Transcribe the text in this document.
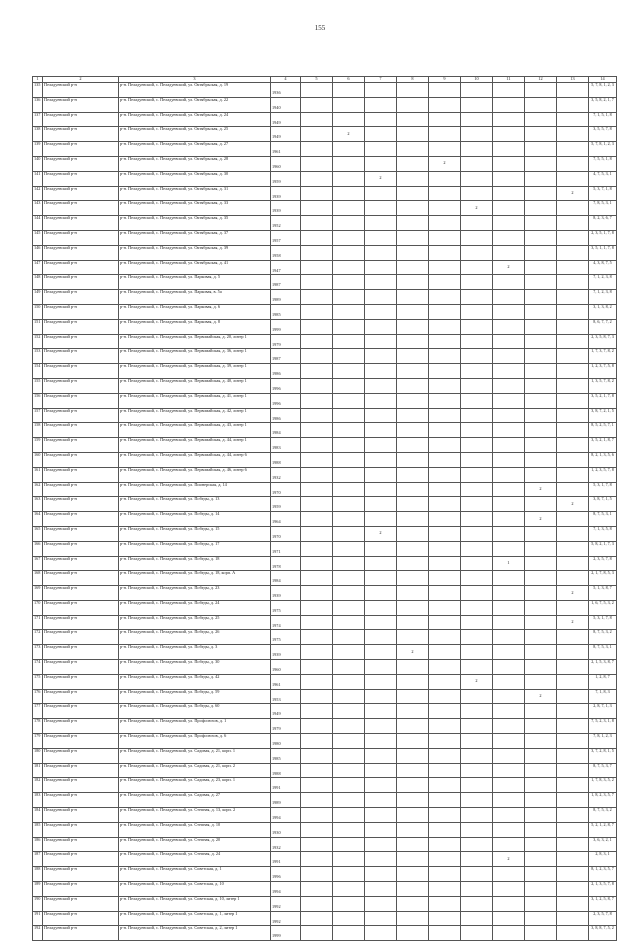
155
1	2	3	4	5	6	7	8	9	10	11	12	13	14
135	Пеладуевский р-н	р-н. Пеладуевский, с. Пеладуевский, ул. Октябрьская, д. 19	1936										5, 7, 8, 1, 2, 3
136	Пеладуевский р-н	р-н. Пеладуевский, с. Пеладуевский, ул. Октябрьская, д. 22	1940										3, 5, 8, 2, 1, 7
137	Пеладуевский р-н	р-н. Пеладуевский, с. Пеладуевский, ул. Октябрьская, д. 24	1949										7, 1, 5, 1, 8
138	Пеладуевский р-н	р-н. Пеладуевский, с. Пеладуевский, ул. Октябрьская, д. 25	1949		2								3, 5, 5, 7, 8
139	Пеладуевский р-н	р-н. Пеладуевский, с. Пеладуевский, ул. Октябрьская, д. 27	1961										5, 7, 8, 1, 2, 3
140	Пеладуевский р-н	р-н. Пеладуевский, с. Пеладуевский, ул. Октябрьская, д. 28	1960					2					7, 5, 5, 1, 8
141	Пеладуевский р-н	р-н. Пеладуевский, с. Пеладуевский, ул. Октябрьская, д. 30	1959			2							4, 7, 5, 3, 1
142	Пеладуевский р-н	р-н. Пеладуевский, с. Пеладуевский, ул. Октябрьская, д. 31	1939									2	5, 3, 7, 1, 8
143	Пеладуевский р-н	р-н. Пеладуевский, с. Пеладуевский, ул. Октябрьская, д. 33	1939						2				7, 8, 5, 3, 1
144	Пеладуевский р-н	р-н. Пеладуевский, с. Пеладуевский, ул. Октябрьская, д. 35	1952										8, 2, 3, 6, 7
145	Пеладуевский р-н	р-н. Пеладуевский, с. Пеладуевский, ул. Октябрьская, д. 37	1957										2, 3, 5, 1, 7, 8
146	Пеладуевский р-н	р-н. Пеладуевский, с. Пеладуевский, ул. Октябрьская, д. 39	1958										3, 5, 1, 1, 7, 8
147	Пеладуевский р-н	р-н. Пеладуевский, с. Пеладуевский, ул. Октябрьская, д. 41	1947							2			4, 3, 8, 7, 5
148	Пеладуевский р-н	р-н. Пеладуевский, с. Пеладуевский, ул. Парковая, д. 5	1987										7, 1, 2, 3, 8
149	Пеладуевский р-н	р-н. Пеладуевский, с. Пеладуевский, ул. Парковая, в. 5а	1989										7, 1, 2, 3, 8
150	Пеладуевский р-н	р-н. Пеладуевский, с. Пеладуевский, ул. Парковая, д. 6	1985										3, 1, 3, 8, 2
151	Пеладуевский р-н	р-н. Пеладуевский, с. Пеладуевский, ул. Парковая, д. 8	1999										8, 6, 7, 7, 2
152	Пеладуевский р-н	р-н. Пеладуевский, с. Пеладуевский, ул. Первомайская, д. 20, литер 1	1979										2, 3, 5, 8, 7, 3
153	Пеладуевский р-н	р-н. Пеладуевский, с. Пеладуевский, ул. Первомайская, д. 36, литер 1	1987										1, 7, 3, 7, 8, 2
154	Пеладуевский р-н	р-н. Пеладуевский, с. Пеладуевский, ул. Первомайская, д. 39, литер 1	1986										1, 2, 3, 7, 5, 8
155	Пеладуевский р-н	р-н. Пеладуевский, с. Пеладуевский, ул. Первомайская, д. 40, литер 1	1996										1, 3, 5, 7, 8, 2
156	Пеладуевский р-н	р-н. Пеладуевский, с. Пеладуевский, ул. Первомайская, д. 41, литер 1	1996										3, 5, 2, 1, 7, 8
157	Пеладуевский р-н	р-н. Пеладуевский, с. Пеладуевский, ул. Первомайская, д. 42, литер 1	1986										3, 8, 7, 2, 1, 5
158	Пеладуевский р-н	р-н. Пеладуевский, с. Пеладуевский, ул. Первомайская, д. 43, литер 1	1984										8, 5, 2, 5, 7, 1
159	Пеладуевский р-н	р-н. Пеладуевский, с. Пеладуевский, ул. Первомайская, д. 44, литер 1	1983										3, 5, 2, 1, 8, 7
160	Пеладуевский р-н	р-н. Пеладуевский, с. Пеладуевский, ул. Первомайская, д. 44, литер 6	1988										8, 2, 1, 3, 5, 6
161	Пеладуевский р-н	р-н. Пеладуевский, с. Пеладуевский, ул. Первомайская, д. 46, литер 6	1932										1, 2, 3, 5, 7, 8
162	Пеладуевский р-н	р-н. Пеладуевский, с. Пеладуевский, ул. Пионерская, д. 14	1970								2		5, 3, 1, 7, 8
163	Пеладуевский р-н	р-н. Пеладуевский, с. Пеладуевский, ул. Победы, д. 13	1959									2	3, 8, 7, 1, 5
164	Пеладуевский р-н	р-н. Пеладуевский, с. Пеладуевский, ул. Победы, д. 14	1964								2		8, 7, 5, 3, 1
165	Пеладуевский р-н	р-н. Пеладуевский, с. Пеладуевский, ул. Победы, д. 15	1970			2							7, 1, 3, 5, 8
166	Пеладуевский р-н	р-н. Пеладуевский, с. Пеладуевский, ул. Победы, д. 17	1971										5, 8, 2, 1, 7, 3
167	Пеладуевский р-н	р-н. Пеладуевский, с. Пеладуевский, ул. Победы, д. 18	1978							1			2, 3, 5, 7, 8
168	Пеладуевский р-н	р-н. Пеладуевский, с. Пеладуевский, ул. Победы, д. 18, корп. А	1984										2, 1, 7, 8, 5, 3
169	Пеладуевский р-н	р-н. Пеладуевский, с. Пеладуевский, ул. Победы, д. 23	1939									2	5, 1, 3, 8, 7
170	Пеладуевский р-н	р-н. Пеладуевский, с. Пеладуевский, ул. Победы, д. 24	1975										1, 6, 7, 5, 3, 2
171	Пеладуевский р-н	р-н. Пеладуевский, с. Пеладуевский, ул. Победы, д. 25	1974									2	5, 3, 1, 7, 8
172	Пеладуевский р-н	р-н. Пеладуевский, с. Пеладуевский, ул. Победы, д. 26	1975										8, 7, 5, 3, 2
173	Пеладуевский р-н	р-н. Пеладуевский, с. Пеладуевский, ул. Победы, д. 3	1939				2						8, 7, 5, 3, 1
174	Пеладуевский р-н	р-н. Пеладуевский, с. Пеладуевский, ул. Победы, д. 30	1960										2, 1, 5, 3, 8, 7
175	Пеладуевский р-н	р-н. Пеладуевский, с. Пеладуевский, ул. Победы, д. 42	1961						2				1, 2, 8, 7
176	Пеладуевский р-н	р-н. Пеладуевский, с. Пеладуевский, ул. Победы, д. 59	1953								2		7, 1, 8, 3
177	Пеладуевский р-н	р-н. Пеладуевский, с. Пеладуевский, ул. Победы, д. 60	1949										2, 8, 7, 1, 3
178	Пеладуевский р-н	р-н. Пеладуевский, с. Пеладуевский, ул. Профсоюзов, д. 1	1979										7, 5, 2, 3, 1, 8
179	Пеладуевский р-н	р-н. Пеладуевский, с. Пеладуевский, ул. Профсоюзов, д. 6	1980										7, 8, 1, 2, 3
180	Пеладуевский р-н	р-н. Пеладуевский, с. Пеладуевский, ул. Садовая, д. 21, корп. 1	1985										3, 7, 2, 8, 1, 5
181	Пеладуевский р-н	р-н. Пеладуевский, с. Пеладуевский, ул. Садовая, д. 21, корп. 2	1988										8, 7, 5, 3, 7
182	Пеладуевский р-н	р-н. Пеладуевский, с. Пеладуевский, ул. Садовая, д. 23, корп. 1	1991										1, 7, 8, 3, 5, 2
183	Пеладуевский р-н	р-н. Пеладуевский, с. Пеладуевский, ул. Садовая, д. 27	1989										1, 8, 2, 3, 5, 7
184	Пеладуевский р-н	р-н. Пеладуевский, с. Пеладуевский, ул. Степная, д. 13, корп. 2	1994										8, 7, 5, 3, 2
185	Пеладуевский р-н	р-н. Пеладуевский, с. Пеладуевский, ул. Степная, д. 10	1930										5, 2, 1, 2, 8, 7
186	Пеладуевский р-н	р-н. Пеладуевский, с. Пеладуевский, ул. Степная, д. 20	1932										3, 6, 3, 2, 1
187	Пеладуевский р-н	р-н. Пеладуевский, с. Пеладуевский, ул. Степная, д. 24	1991							2			2, 8, 3, 1
188	Пеладуевский р-н	р-н. Пеладуевский, с. Пеладуевский, ул. Советская, д. 1	1996										8, 1, 2, 3, 5, 7
189	Пеладуевский р-н	р-н. Пеладуевский, с. Пеладуевский, ул. Советская, д. 10	1994										2, 1, 3, 5, 7, 8
190	Пеладуевский р-н	р-н. Пеладуевский, с. Пеладуевский, ул. Советская, д. 10, литер 1	1992										3, 1, 2, 5, 8, 7
191	Пеладуевский р-н	р-н. Пеладуевский, с. Пеладуевский, ул. Советская, д. 1, литер 1	1992										2, 3, 5, 7, 8
192	Пеладуевский р-н	р-н. Пеладуевский, с. Пеладуевский, ул. Советская, д. 2, литер 1	1999										3, 8, 8, 7, 5, 2
